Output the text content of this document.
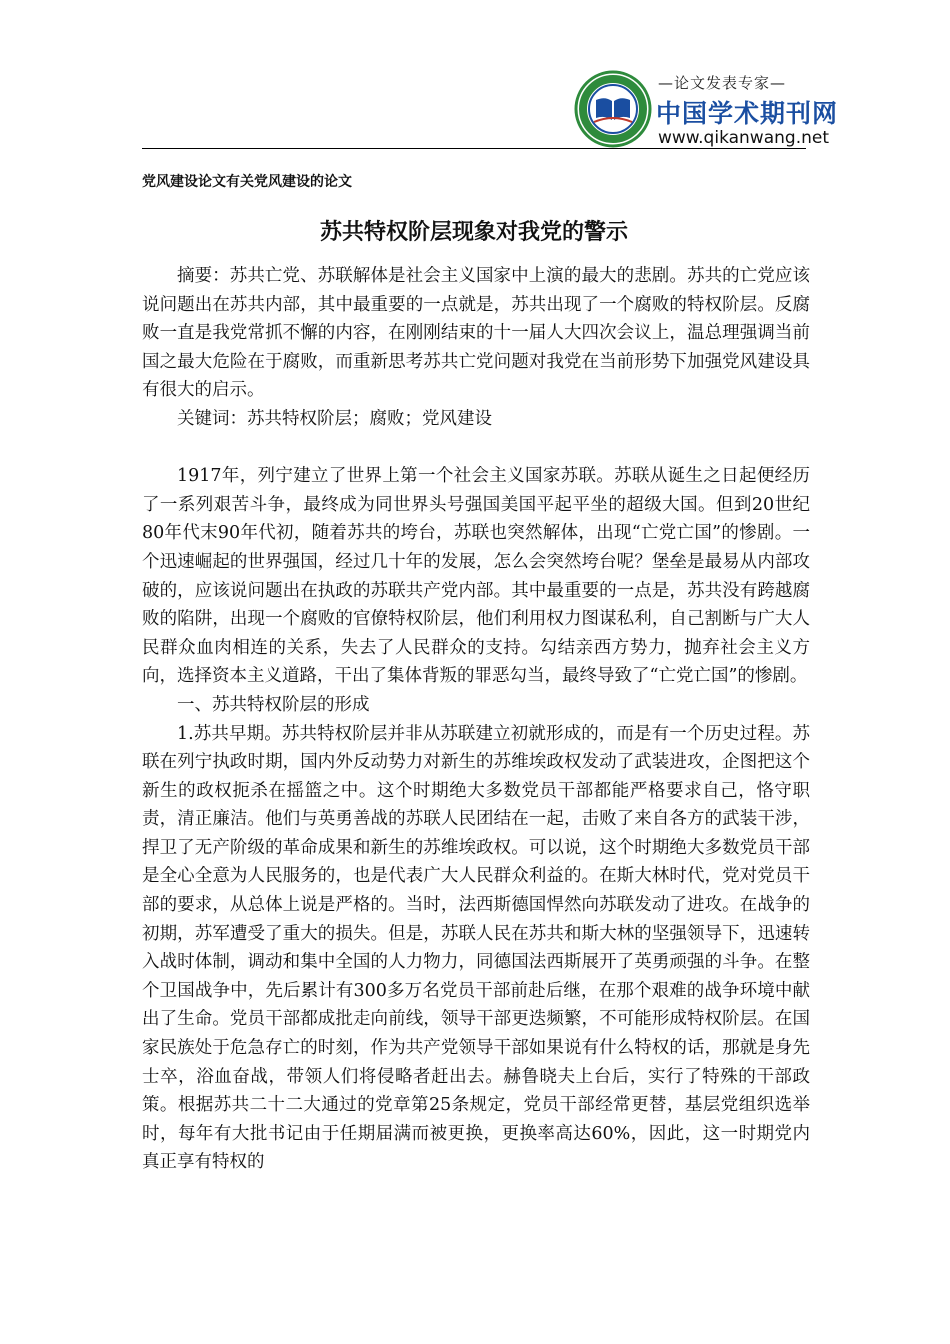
—论文发表专家—
中国学术期刊网
www.qikanwang.net
党风建设论文有关党风建设的论文
苏共特权阶层现象对我党的警示

摘要：苏共亡党、苏联解体是社会主义国家中上演的最大的悲剧。苏共的亡党应该说问题出在苏共内部，其中最重要的一点就是，苏共出现了一个腐败的特权阶层。反腐败一直是我党常抓不懈的内容，在刚刚结束的十一届人大四次会议上，温总理强调当前国之最大危险在于腐败，而重新思考苏共亡党问题对我党在当前形势下加强党风建设具有很大的启示。

关键词：苏共特权阶层；腐败；党风建设

1917年，列宁建立了世界上第一个社会主义国家苏联。苏联从诞生之日起便经历了一系列艰苦斗争，最终成为同世界头号强国美国平起平坐的超级大国。但到20世纪80年代末90年代初，随着苏共的垮台，苏联也突然解体，出现“亡党亡国”的惨剧。一个迅速崛起的世界强国，经过几十年的发展，怎么会突然垮台呢？堡垒是最易从内部攻破的，应该说问题出在执政的苏联共产党内部。其中最重要的一点是，苏共没有跨越腐败的陷阱，出现一个腐败的官僚特权阶层，他们利用权力图谋私利，自己割断与广大人民群众血肉相连的关系，失去了人民群众的支持。勾结亲西方势力，抛弃社会主义方向，选择资本主义道路，干出了集体背叛的罪恶勾当，最终导致了“亡党亡国”的惨剧。

一、苏共特权阶层的形成

1.苏共早期。苏共特权阶层并非从苏联建立初就形成的，而是有一个历史过程。苏联在列宁执政时期，国内外反动势力对新生的苏维埃政权发动了武装进攻，企图把这个新生的政权扼杀在摇篮之中。这个时期绝大多数党员干部都能严格要求自己，恪守职责，清正廉洁。他们与英勇善战的苏联人民团结在一起，击败了来自各方的武装干涉，捍卫了无产阶级的革命成果和新生的苏维埃政权。可以说，这个时期绝大多数党员干部是全心全意为人民服务的，也是代表广大人民群众利益的。在斯大林时代，党对党员干部的要求，从总体上说是严格的。当时，法西斯德国悍然向苏联发动了进攻。在战争的初期，苏军遭受了重大的损失。但是，苏联人民在苏共和斯大林的坚强领导下，迅速转入战时体制，调动和集中全国的人力物力，同德国法西斯展开了英勇顽强的斗争。在整个卫国战争中，先后累计有300多万名党员干部前赴后继，在那个艰难的战争环境中献出了生命。党员干部都成批走向前线，领导干部更迭频繁，不可能形成特权阶层。在国家民族处于危急存亡的时刻，作为共产党领导干部如果说有什么特权的话，那就是身先士卒，浴血奋战，带领人们将侵略者赶出去。赫鲁晓夫上台后，实行了特殊的干部政策。根据苏共二十二大通过的党章第25条规定，党员干部经常更替，基层党组织选举时，每年有大批书记由于任期届满而被更换，更换率高达60%，因此，这一时期党内真正享有特权的
